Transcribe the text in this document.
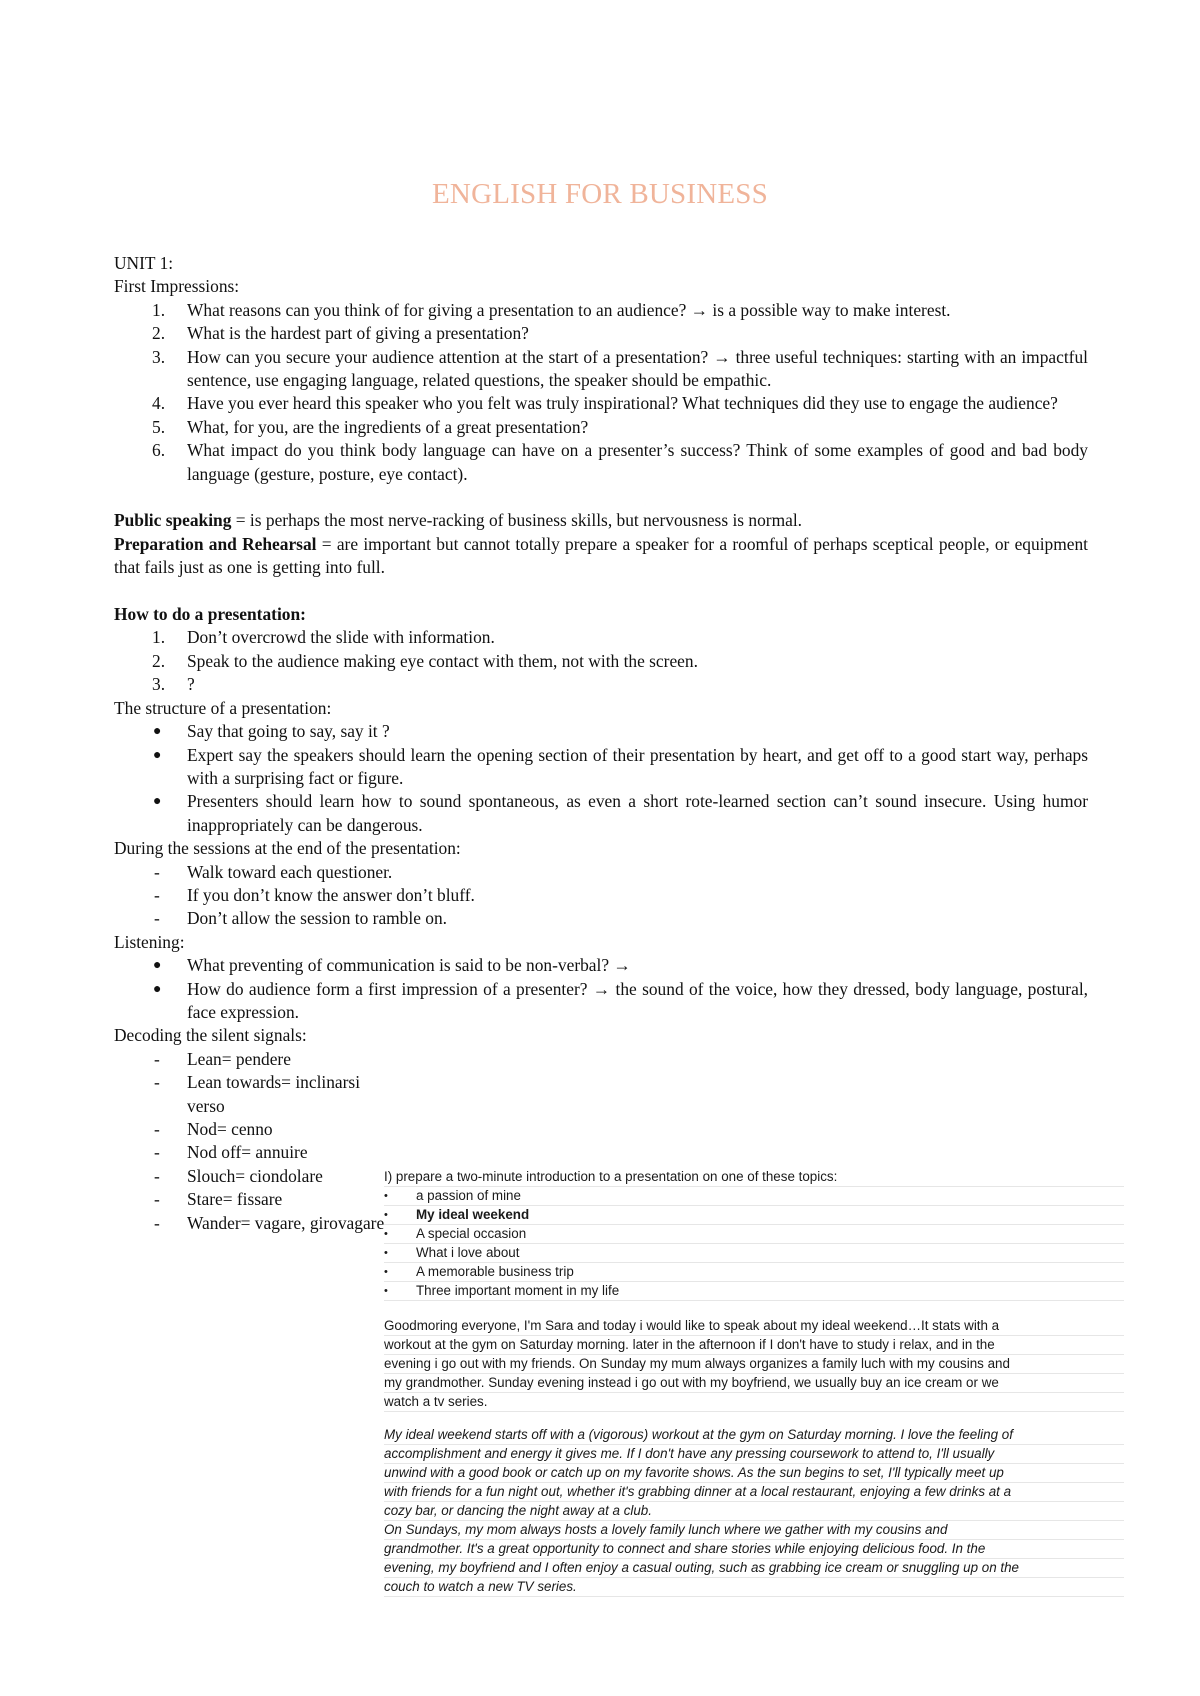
ENGLISH FOR BUSINESS

UNIT 1:

First Impressions:

1. What reasons can you think of for giving a presentation to an audience? → is a possible way to make interest.
2. What is the hardest part of giving a presentation?
3. How can you secure your audience attention at the start of a presentation? → three useful techniques: starting with an impactful sentence, use engaging language, related questions, the speaker should be empathic.
4. Have you ever heard this speaker who you felt was truly inspirational? What techniques did they use to engage the audience?
5. What, for you, are the ingredients of a great presentation?
6. What impact do you think body language can have on a presenter’s success? Think of some examples of good and bad body language (gesture, posture, eye contact).

Public speaking = is perhaps the most nerve-racking of business skills, but nervousness is normal.

Preparation and Rehearsal = are important but cannot totally prepare a speaker for a roomful of perhaps sceptical people, or equipment that fails just as one is getting into full.

How to do a presentation:

1. Don’t overcrowd the slide with information.
2. Speak to the audience making eye contact with them, not with the screen.
3. ?

The structure of a presentation:

● Say that going to say, say it ?
● Expert say the speakers should learn the opening section of their presentation by heart, and get off to a good start way, perhaps with a surprising fact or figure.
● Presenters should learn how to sound spontaneous, as even a short rote-learned section can’t sound insecure. Using humor inappropriately can be dangerous.

During the sessions at the end of the presentation:

- Walk toward each questioner.
- If you don’t know the answer don’t bluff.
- Don’t allow the session to ramble on.

Listening:

● What preventing of communication is said to be non-verbal? →
● How do audience form a first impression of a presenter? → the sound of the voice, how they dressed, body language, postural, face expression.

Decoding the silent signals:

- Lean= pendere
- Lean towards= inclinarsi verso
- Nod= cenno
- Nod off= annuire
- Slouch= ciondolare
- Stare= fissare
- Wander= vagare, girovagare
I) prepare a two-minute introduction to a presentation on one of these topics:
• a passion of mine
• My ideal weekend
• A special occasion
• What i love about
• A memorable business trip
• Three important moment in my life
Goodmoring everyone, I'm Sara and today i would like to speak about my ideal weekend…It stats with a
workout at the gym on Saturday morning. later in the afternoon if I don't have to study i relax, and in the
evening i go out with my friends. On Sunday my mum always organizes a family luch with my cousins and
my grandmother. Sunday evening instead i go out with my boyfriend, we usually buy an ice cream or we
watch a tv series.
My ideal weekend starts off with a (vigorous) workout at the gym on Saturday morning. I love the feeling of
accomplishment and energy it gives me. If I don't have any pressing coursework to attend to, I'll usually
unwind with a good book or catch up on my favorite shows. As the sun begins to set, I'll typically meet up
with friends for a fun night out, whether it's grabbing dinner at a local restaurant, enjoying a few drinks at a
cozy bar, or dancing the night away at a club.
On Sundays, my mom always hosts a lovely family lunch where we gather with my cousins and
grandmother. It's a great opportunity to connect and share stories while enjoying delicious food. In the
evening, my boyfriend and I often enjoy a casual outing, such as grabbing ice cream or snuggling up on the
couch to watch a new TV series.
